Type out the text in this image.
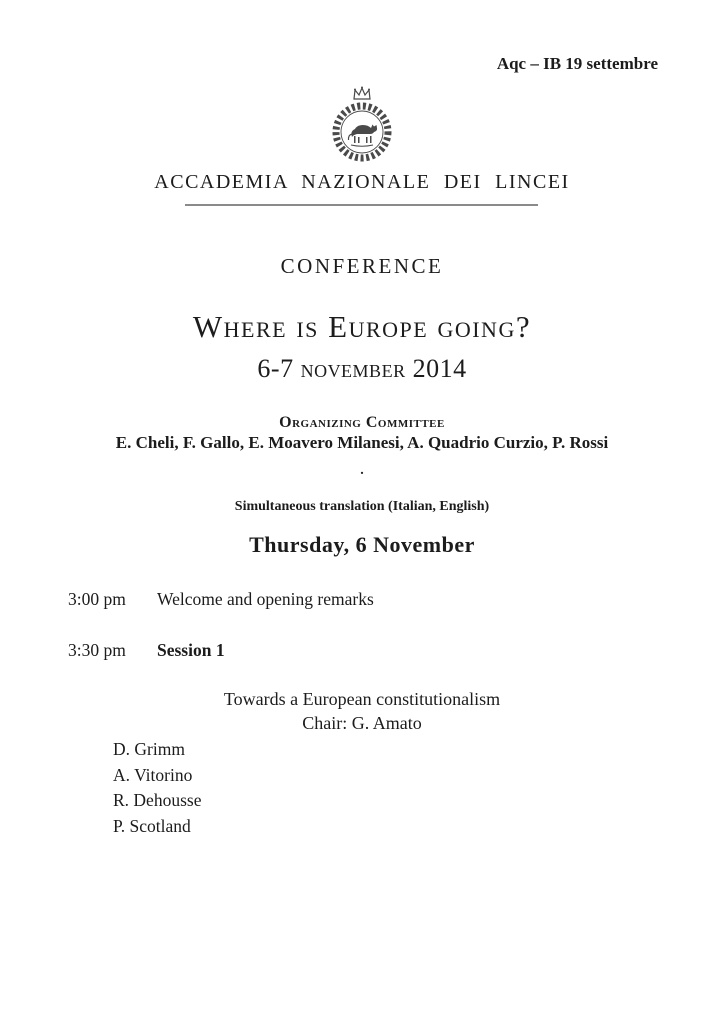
Aqc – IB 19 settembre
ACCADEMIA NAZIONALE DEI LINCEI
CONFERENCE
Where is Europe going?
6-7 november 2014
Organizing Committee
E. Cheli, F. Gallo, E. Moavero Milanesi, A. Quadrio Curzio, P. Rossi
.
Simultaneous translation (Italian, English)
Thursday, 6 November
3:00 pm Welcome and opening remarks
3:30 pm Session 1
Towards a European constitutionalism
Chair: G. Amato
D. Grimm
A. Vitorino
R. Dehousse
P. Scotland
